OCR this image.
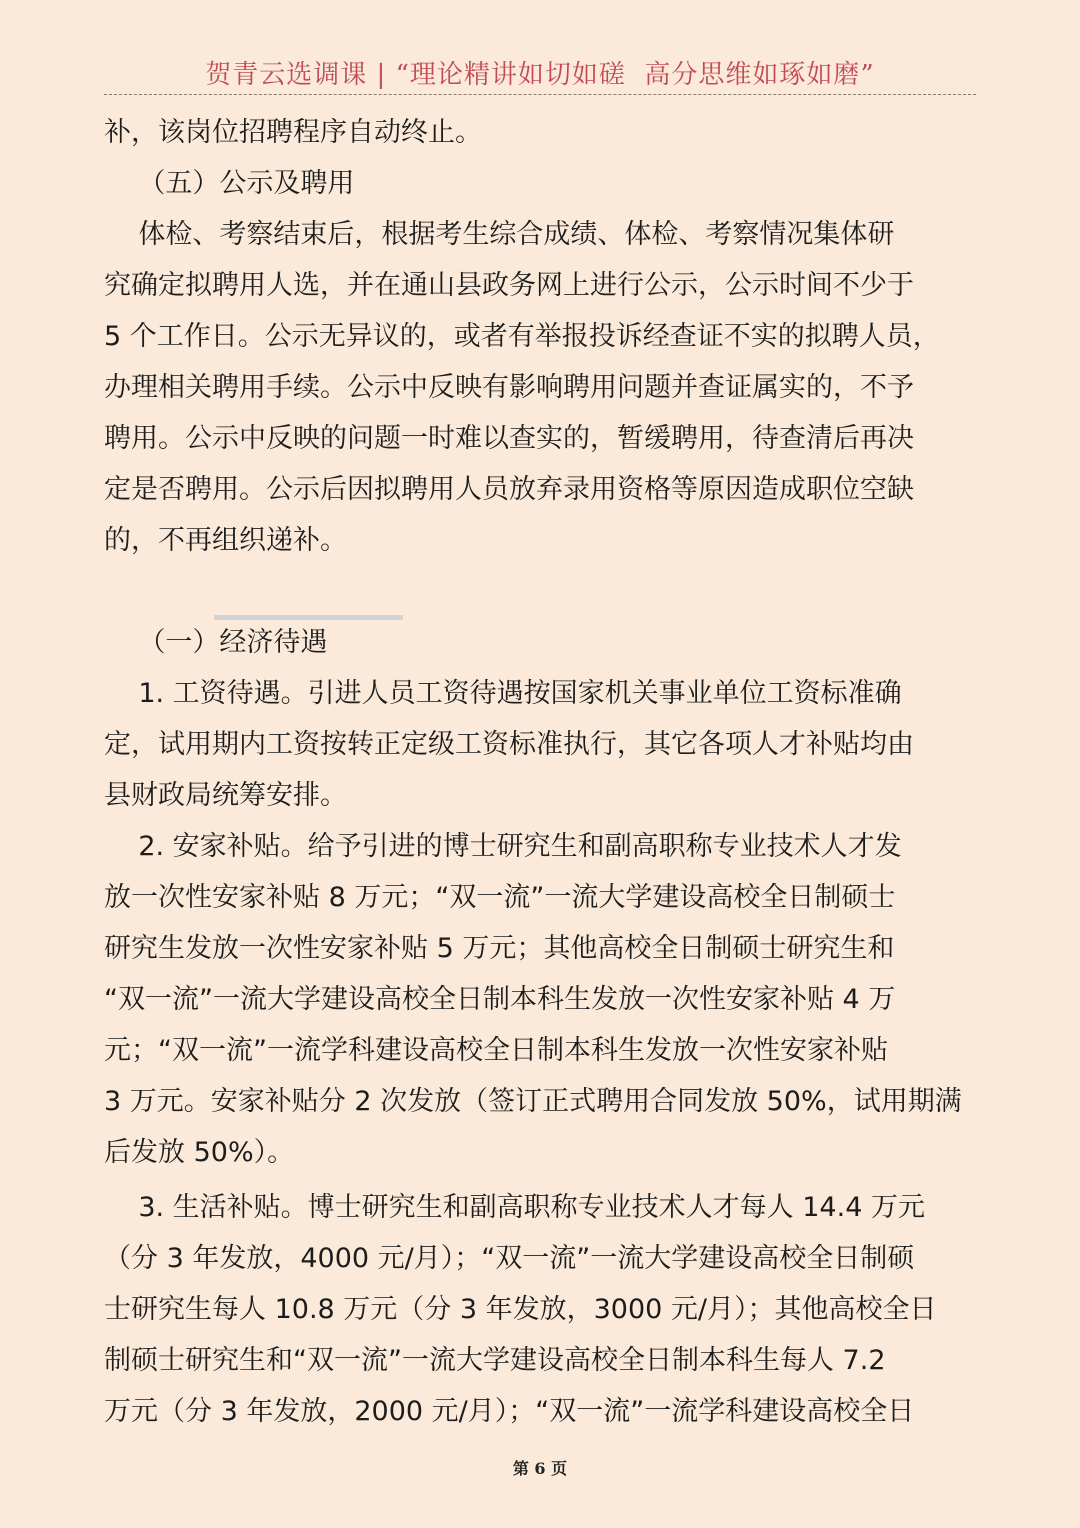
贺青云选调课 | “理论精讲如切如磋  高分思维如琢如磨”
补，该岗位招聘程序自动终止。
（五）公示及聘用
体检、考察结束后，根据考生综合成绩、体检、考察情况集体研
究确定拟聘用人选，并在通山县政务网上进行公示，公示时间不少于
5 个工作日。公示无异议的，或者有举报投诉经查证不实的拟聘人员，
办理相关聘用手续。公示中反映有影响聘用问题并查证属实的，不予
聘用。公示中反映的问题一时难以查实的，暂缓聘用，待查清后再决
定是否聘用。公示后因拟聘用人员放弃录用资格等原因造成职位空缺
的，不再组织递补。

（一）经济待遇
1. 工资待遇。引进人员工资待遇按国家机关事业单位工资标准确
定，试用期内工资按转正定级工资标准执行，其它各项人才补贴均由
县财政局统筹安排。
2. 安家补贴。给予引进的博士研究生和副高职称专业技术人才发
放一次性安家补贴 8 万元；“双一流”一流大学建设高校全日制硕士
研究生发放一次性安家补贴 5 万元；其他高校全日制硕士研究生和
“双一流”一流大学建设高校全日制本科生发放一次性安家补贴 4 万
元；“双一流”一流学科建设高校全日制本科生发放一次性安家补贴
3 万元。安家补贴分 2 次发放（签订正式聘用合同发放 50%，试用期满
后发放 50%）。
3. 生活补贴。博士研究生和副高职称专业技术人才每人 14.4 万元
（分 3 年发放，4000 元/月）；“双一流”一流大学建设高校全日制硕
士研究生每人 10.8 万元（分 3 年发放，3000 元/月）；其他高校全日
制硕士研究生和“双一流”一流大学建设高校全日制本科生每人 7.2
万元（分 3 年发放，2000 元/月）；“双一流”一流学科建设高校全日
第 6 页
